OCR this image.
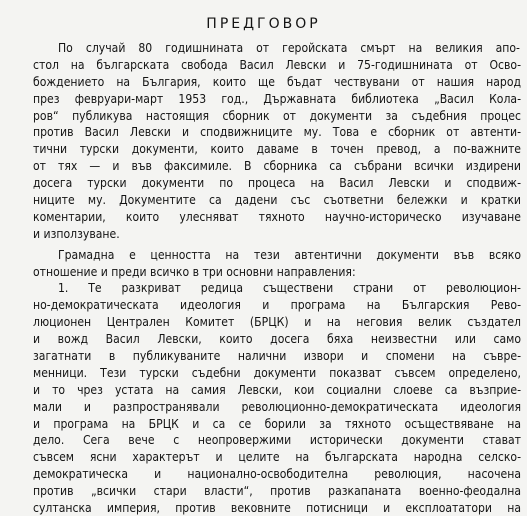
ПРЕДГОВОР
По случай 80 годишнината от геройската смърт на великия апо-
стол на българската свобода Васил Левски и 75-годишнината от Осво-
бождението на България, които ще бъдат чествувани от нашия народ
през февруари-март 1953 год., Държавната библиотека „Васил Кола-
ров“ публикува настоящия сборник от документи за съдебния процес
против Васил Левски и сподвижниците му. Това е сборник от автенти-
тични турски документи, които даваме в точен превод, а по-важните
от тях — и във факсимиле. В сборника са събрани всички издирени
досега турски документи по процеса на Васил Левски и сподвиж-
ниците му. Документите са дадени със съответни бележки и кратки
коментарии, които улесняват тяхното научно-историческо изучаване
и използуване.
Грамадна е ценността на тези автентични документи във всяко
отношение и преди всичко в три основни направления:
1. Те разкриват редица съществени страни от революцион-
но-демократическата идеология и програма на Българския Рево-
люционен Централен Комитет (БРЦК) и на неговия велик създател
и вожд Васил Левски, които досега бяха неизвестни или само
загатнати в публикуваните налични извори и спомени на съвре-
менници. Тези турски съдебни документи показват съвсем определено,
и то чрез устата на самия Левски, кои социални слоеве са възприе-
мали и разпространявали революционно-демократическата идеология
и програма на БРЦК и са се борили за тяхното осъществяване на
дело. Сега вече с неопровержими исторически документи стават
съвсем ясни характерът и целите на българската народна селско-
демократическа и национално-освободителна революция, насочена
против „всички стари власти“, против разкапаната военно-феодална
султанска империя, против вековните потисници и експлоататори на
